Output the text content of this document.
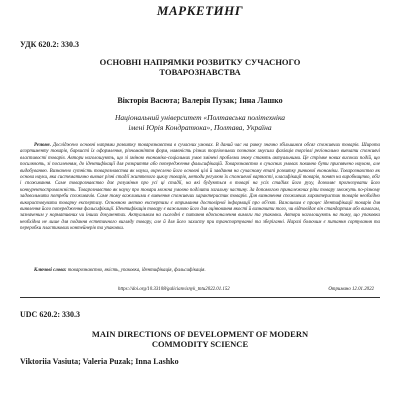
МАРКЕТИНГ
УДК 620.2: 330.3
ОСНОВНІ НАПРЯМКИ РОЗВИТКУ СУЧАСНОГО
ТОВАРОЗНАВСТВА
Вікторія Васюта; Валерія Пузак; Інна Лашко
Національний університет «Полтавська політехніка
імені Юрія Кондратюка», Полтава, Україна
Резюме. Досліджено основні напрями розвитку товарознавства в сучасних умовах. В даний час на ринку значно збільшився обсяг споживчих товарів. Широта асортименту товарів, барвисті їх оформлення, різноманіття форм, наявність різних торгівельних позначок змусили фахівців торгівлі регіонально вивчати споживчі властивості товарів. Автори наголошують, що зі зміною економіко-соціальних умов змінені проблеми знову стають актуальними. Це стрімке нових високих подій, що посилюють, зі посиленням, до ідентифікації для розкриття або попередження фальсифікацій. Товарознавство в сучасних умовах повинно бути присвячено наукою, але видобуванню. Визначено сутність товарознавства як науки, окреслено його основні цілі й завдання на сучасному етапі розвитку ринкової економіки. Товарознавство як основа науки, яка систематично вивчає різні стадії життєвого циклу товарів, методи регулюю їх споживчої вартості, класифікації товарів, понят на виробництво, обіг і споживання. Саме товарознавство дає розуміння про усі ці стадії, на які будуються в товарі на усіх стадіях його руху, дозволяє прогнозувати його конкурентоспроможність. Товарознавство як науку про товари можна умовно поділити загальну частину. За допомогою приналежних ріпи товару зможуть по-різному задовольнити потреби споживачів. Саме тому важливими є вивчення споживчих характеристик товарів. Для визначення споживчих характеристик товарів необхідно використовувати товарну експертизу. Основною метою експертизи є отримання достовірної інформації про об'єкт. Важливим є процес ідентифікації товарів для виявлення його попередження фальсифікації. Ідентифікація товару є важливою його для оцінювання якості й визначити того, чи відповідає він стандартам або вимогам, зазначеним у нормативних чи інших документах. Актуальним на сьогодні є питання вдосконалення вимоги та упаковки. Автори наголошують на тому, що упаковка необхідна не лише для подання естетичного вигляду товару, але й для його захисту при транспортуванні та зберіганні. Наразі болючим є питання сортування та переробки пластикових контейнерів та упаковки.
Ключові слова: товарознавство, якість, упаковка, ідентифікація, фальсифікація.
https://doi.org/10.33108/galicianvisnyk_tntu2022.01.152	Отримано 12.01.2022
UDC 620.2: 330.3
MAIN DIRECTIONS OF DEVELOPMENT OF MODERN
COMMODITY SCIENCE
Viktoriia Vasiuta; Valeria Puzak; Inna Lashko
